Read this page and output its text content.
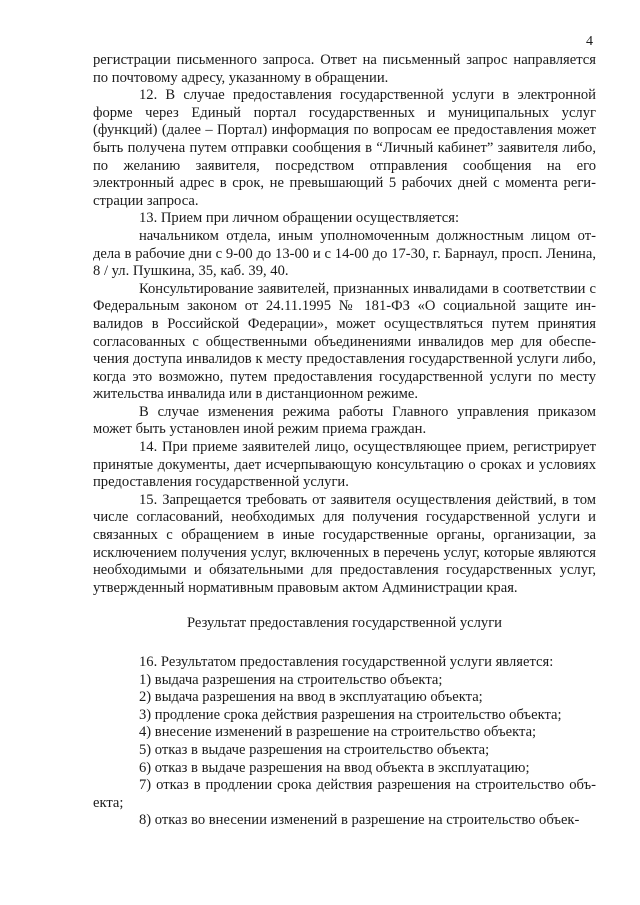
4

регистрации письменного запроса. Ответ на письменный запрос направляется по почтовому адресу, указанному в обращении.

12. В случае предоставления государственной услуги в электронной форме через Единый портал государственных и муниципальных услуг (функций) (далее – Портал) информация по вопросам ее предоставления может быть получена путем отправки сообщения в “Личный кабинет” заявителя либо, по желанию заявителя, посредством отправления сообщения на его электронный адрес в срок, не превышающий 5 рабочих дней с момента регистрации запроса.

13. Прием при личном обращении осуществляется:

начальником отдела, иным уполномоченным должностным лицом отдела в рабочие дни с 9-00 до 13-00 и с 14-00 до 17-30, г. Барнаул, просп. Ленина, 8 / ул. Пушкина, 35, каб. 39, 40.

Консультирование заявителей, признанных инвалидами в соответствии с Федеральным законом от 24.11.1995 № 181-ФЗ «О социальной защите инвалидов в Российской Федерации», может осуществляться путем принятия согласованных с общественными объединениями инвалидов мер для обеспечения доступа инвалидов к месту предоставления государственной услуги либо, когда это возможно, путем предоставления государственной услуги по месту жительства инвалида или в дистанционном режиме.

В случае изменения режима работы Главного управления приказом может быть установлен иной режим приема граждан.

14. При приеме заявителей лицо, осуществляющее прием, регистрирует принятые документы, дает исчерпывающую консультацию о сроках и условиях предоставления государственной услуги.

15. Запрещается требовать от заявителя осуществления действий, в том числе согласований, необходимых для получения государственной услуги и связанных с обращением в иные государственные органы, организации, за исключением получения услуг, включенных в перечень услуг, которые являются необходимыми и обязательными для предоставления государственных услуг, утвержденный нормативным правовым актом Администрации края.

Результат предоставления государственной услуги

16. Результатом предоставления государственной услуги является:

1) выдача разрешения на строительство объекта;

2) выдача разрешения на ввод в эксплуатацию объекта;

3) продление срока действия разрешения на строительство объекта;

4) внесение изменений в разрешение на строительство объекта;

5) отказ в выдаче разрешения на строительство объекта;

6) отказ в выдаче разрешения на ввод объекта в эксплуатацию;

7) отказ в продлении срока действия разрешения на строительство объекта;

8) отказ во внесении изменений в разрешение на строительство объек-
